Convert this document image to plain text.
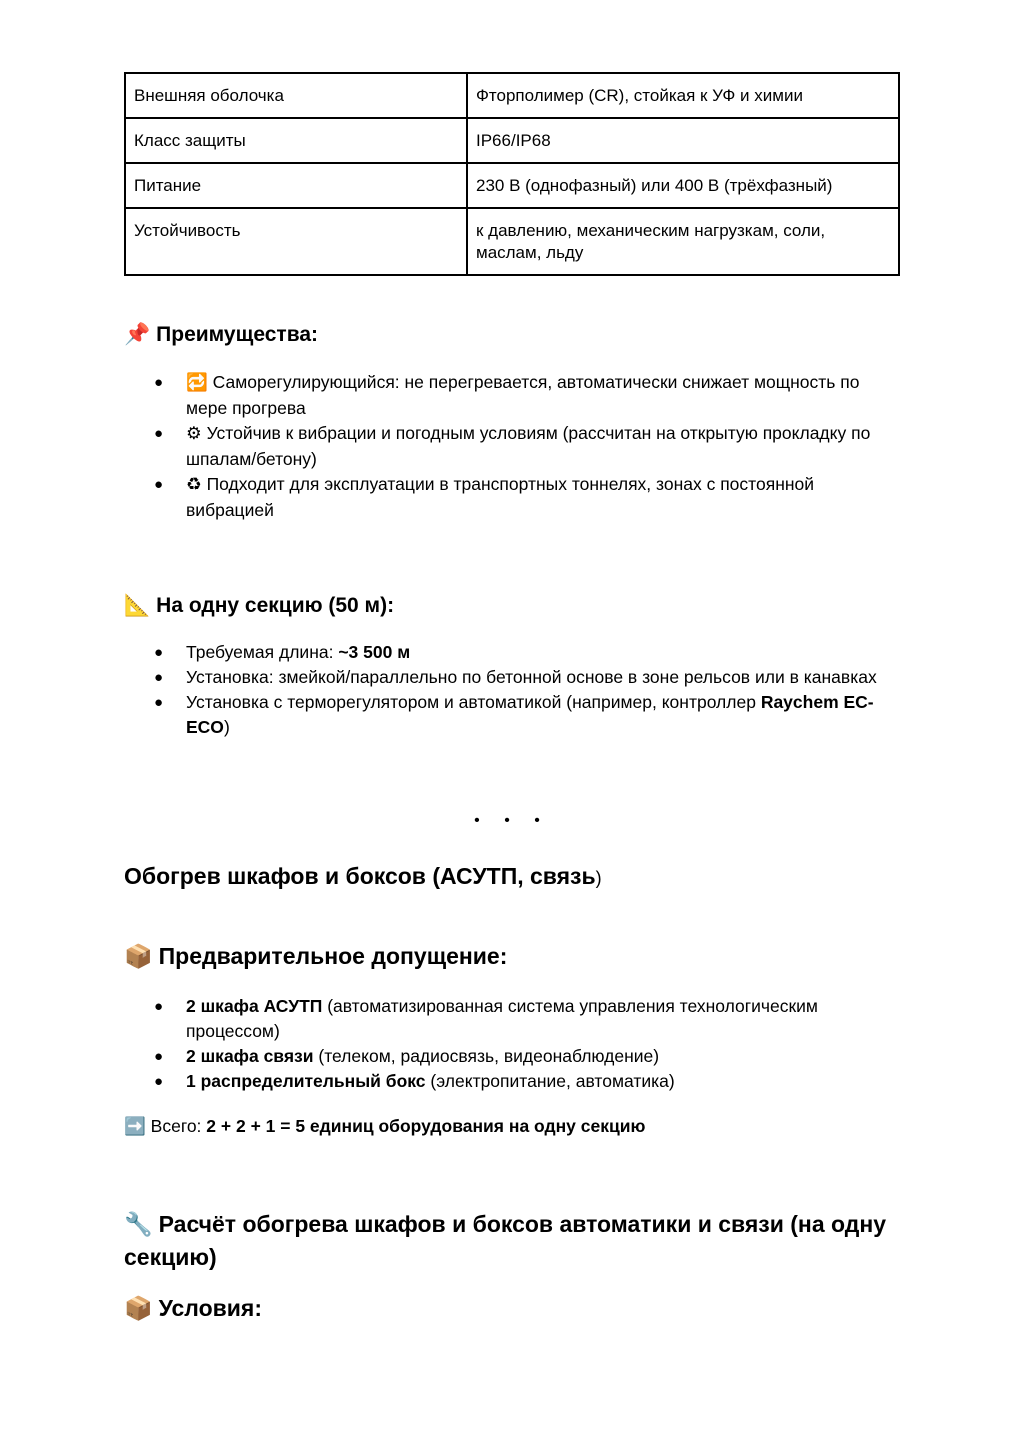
Внешняя оболочка	Фторполимер (CR), стойкая к УФ и химии
Класс защиты	IP66/IP68
Питание	230 В (однофазный) или 400 В (трёхфазный)
Устойчивость	к давлению, механическим нагрузкам, соли, маслам, льду
📌 Преимущества:
● 🔁 Саморегулирующийся: не перегревается, автоматически снижает мощность по мере прогрева
● ⚙ Устойчив к вибрации и погодным условиям (рассчитан на открытую прокладку по шпалам/бетону)
● ♻ Подходит для эксплуатации в транспортных тоннелях, зонах с постоянной вибрацией
📐 На одну секцию (50 м):
● Требуемая длина: ~3 500 м
● Установка: змейкой/параллельно по бетонной основе в зоне рельсов или в канавках
● Установка с терморегулятором и автоматикой (например, контроллер Raychem EC-ECO)
• • •
Обогрев шкафов и боксов (АСУТП, связь)
📦 Предварительное допущение:
● 2 шкафа АСУТП (автоматизированная система управления технологическим процессом)
● 2 шкафа связи (телеком, радиосвязь, видеонаблюдение)
● 1 распределительный бокс (электропитание, автоматика)

➡️ Всего: 2 + 2 + 1 = 5 единиц оборудования на одну секцию

🔧 Расчёт обогрева шкафов и боксов автоматики и связи (на одну секцию)
📦 Условия:
